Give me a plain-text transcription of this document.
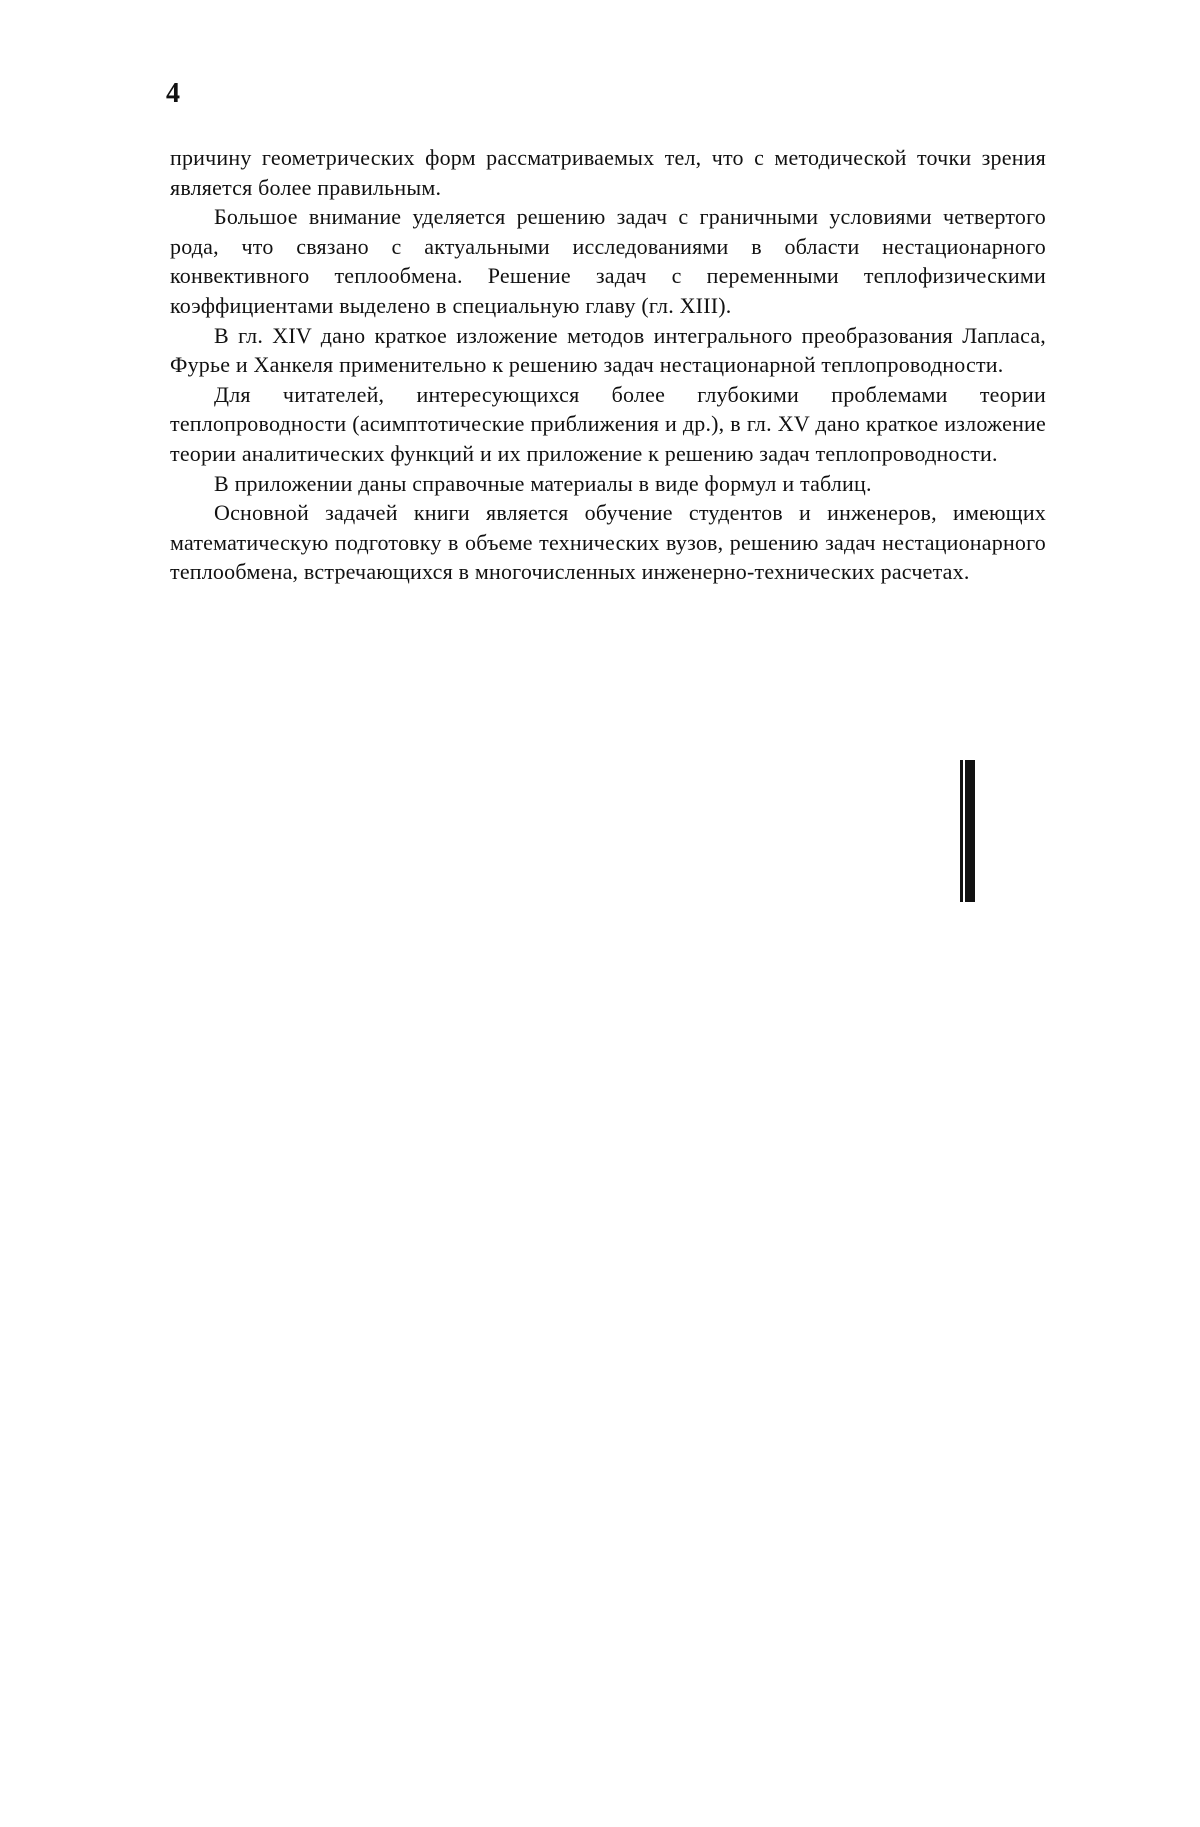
4

причину геометрических форм рассматриваемых тел, что с методической точки зрения является более правильным.

Большое внимание уделяется решению задач с граничными условиями четвертого рода, что связано с актуальными исследованиями в области нестационарного конвективного теплообмена. Решение задач с переменными теплофизическими коэффициентами выделено в специальную главу (гл. XIII).

В гл. XIV дано краткое изложение методов интегрального преобразования Лапласа, Фурье и Ханкеля применительно к решению задач нестационарной теплопроводности.

Для читателей, интересующихся более глубокими проблемами теории теплопроводности (асимптотические приближения и др.), в гл. XV дано краткое изложение теории аналитических функций и их приложение к решению задач теплопроводности.

В приложении даны справочные материалы в виде формул и таблиц.

Основной задачей книги является обучение студентов и инженеров, имеющих математическую подготовку в объеме технических вузов, решению задач нестационарного теплообмена, встречающихся в многочисленных инженерно-технических расчетах.
